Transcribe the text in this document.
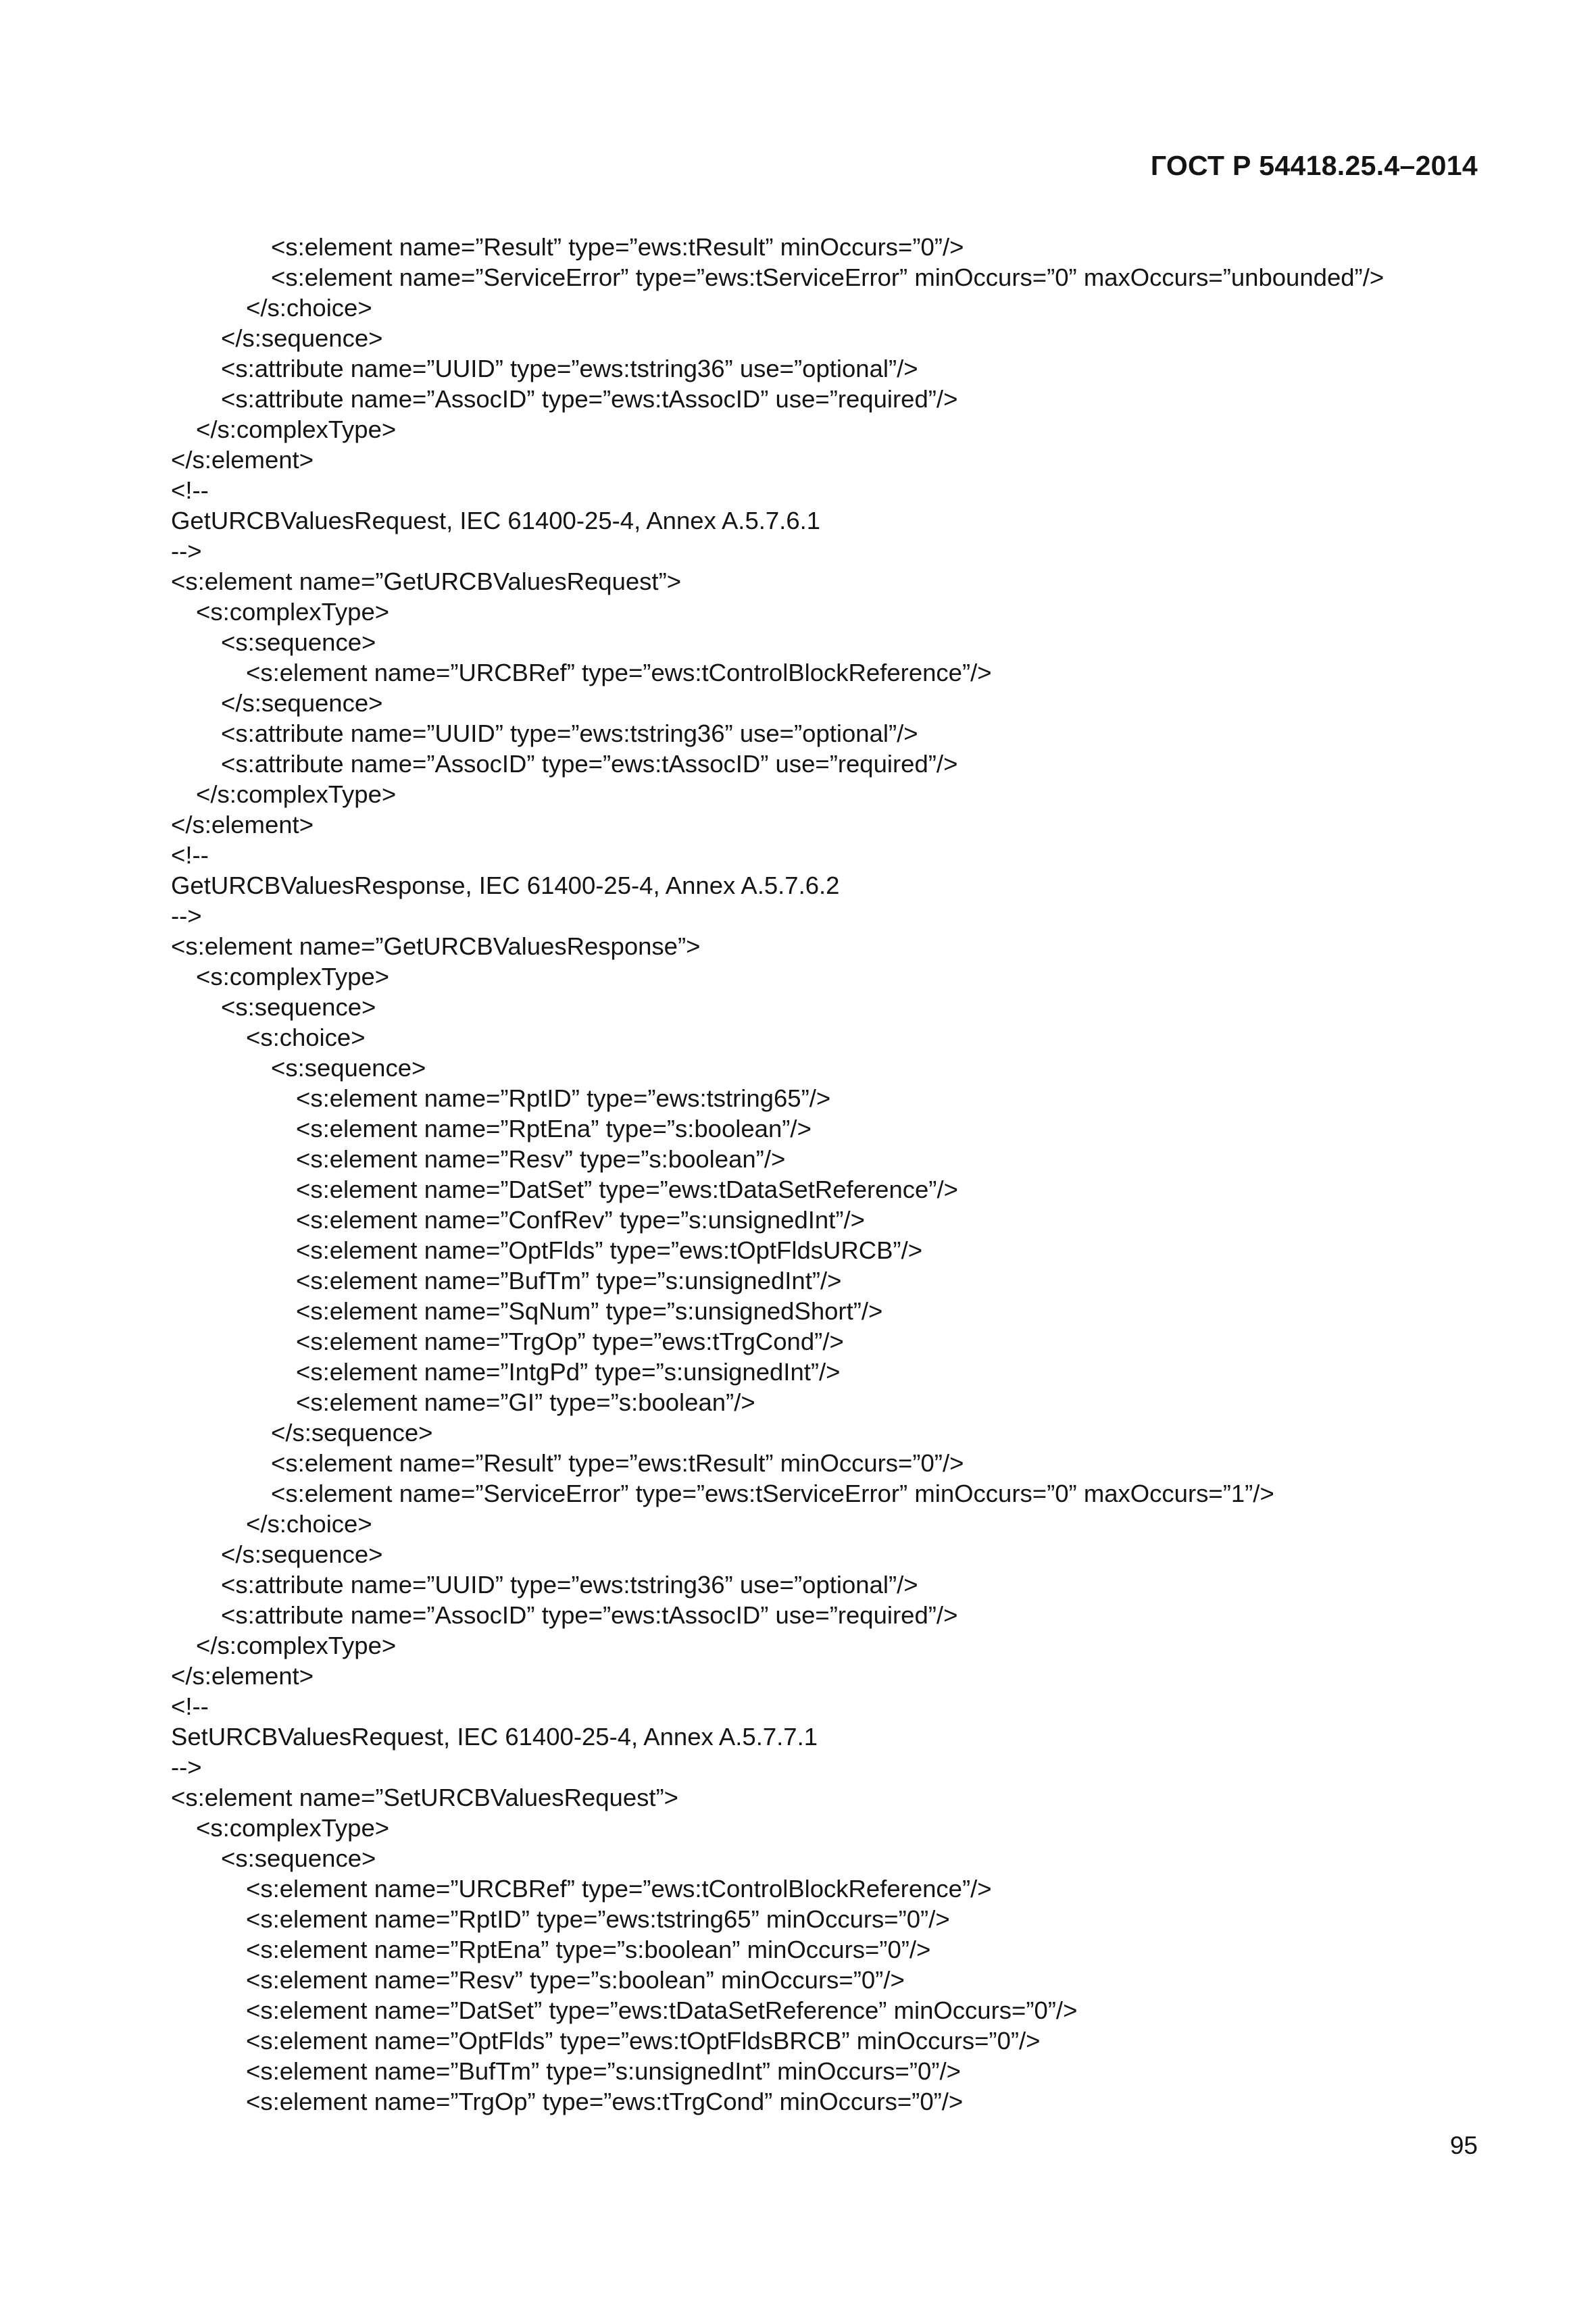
ГОСТ Р 54418.25.4–2014
<s:element name=”Result” type=”ews:tResult” minOccurs=”0”/>
<s:element name=”ServiceError” type=”ews:tServiceError” minOccurs=”0” maxOccurs=”unbounded”/>
</s:choice>
</s:sequence>
<s:attribute name=”UUID” type=”ews:tstring36” use=”optional”/>
<s:attribute name=”AssocID” type=”ews:tAssocID” use=”required”/>
</s:complexType>
</s:element>
<!--
GetURCBValuesRequest, IEC 61400-25-4, Annex A.5.7.6.1
-->
<s:element name=”GetURCBValuesRequest”>
<s:complexType>
<s:sequence>
<s:element name=”URCBRef” type=”ews:tControlBlockReference”/>
</s:sequence>
<s:attribute name=”UUID” type=”ews:tstring36” use=”optional”/>
<s:attribute name=”AssocID” type=”ews:tAssocID” use=”required”/>
</s:complexType>
</s:element>
<!--
GetURCBValuesResponse, IEC 61400-25-4, Annex A.5.7.6.2
-->
<s:element name=”GetURCBValuesResponse”>
<s:complexType>
<s:sequence>
<s:choice>
<s:sequence>
<s:element name=”RptID” type=”ews:tstring65”/>
<s:element name=”RptEna” type=”s:boolean”/>
<s:element name=”Resv” type=”s:boolean”/>
<s:element name=”DatSet” type=”ews:tDataSetReference”/>
<s:element name=”ConfRev” type=”s:unsignedInt”/>
<s:element name=”OptFlds” type=”ews:tOptFldsURCB”/>
<s:element name=”BufTm” type=”s:unsignedInt”/>
<s:element name=”SqNum” type=”s:unsignedShort”/>
<s:element name=”TrgOp” type=”ews:tTrgCond”/>
<s:element name=”IntgPd” type=”s:unsignedInt”/>
<s:element name=”GI” type=”s:boolean”/>
</s:sequence>
<s:element name=”Result” type=”ews:tResult” minOccurs=”0”/>
<s:element name=”ServiceError” type=”ews:tServiceError” minOccurs=”0” maxOccurs=”1”/>
</s:choice>
</s:sequence>
<s:attribute name=”UUID” type=”ews:tstring36” use=”optional”/>
<s:attribute name=”AssocID” type=”ews:tAssocID” use=”required”/>
</s:complexType>
</s:element>
<!--
SetURCBValuesRequest, IEC 61400-25-4, Annex A.5.7.7.1
-->
<s:element name=”SetURCBValuesRequest”>
<s:complexType>
<s:sequence>
<s:element name=”URCBRef” type=”ews:tControlBlockReference”/>
<s:element name=”RptID” type=”ews:tstring65” minOccurs=”0”/>
<s:element name=”RptEna” type=”s:boolean” minOccurs=”0”/>
<s:element name=”Resv” type=”s:boolean” minOccurs=”0”/>
<s:element name=”DatSet” type=”ews:tDataSetReference” minOccurs=”0”/>
<s:element name=”OptFlds” type=”ews:tOptFldsBRCB” minOccurs=”0”/>
<s:element name=”BufTm” type=”s:unsignedInt” minOccurs=”0”/>
<s:element name=”TrgOp” type=”ews:tTrgCond” minOccurs=”0”/>
95
